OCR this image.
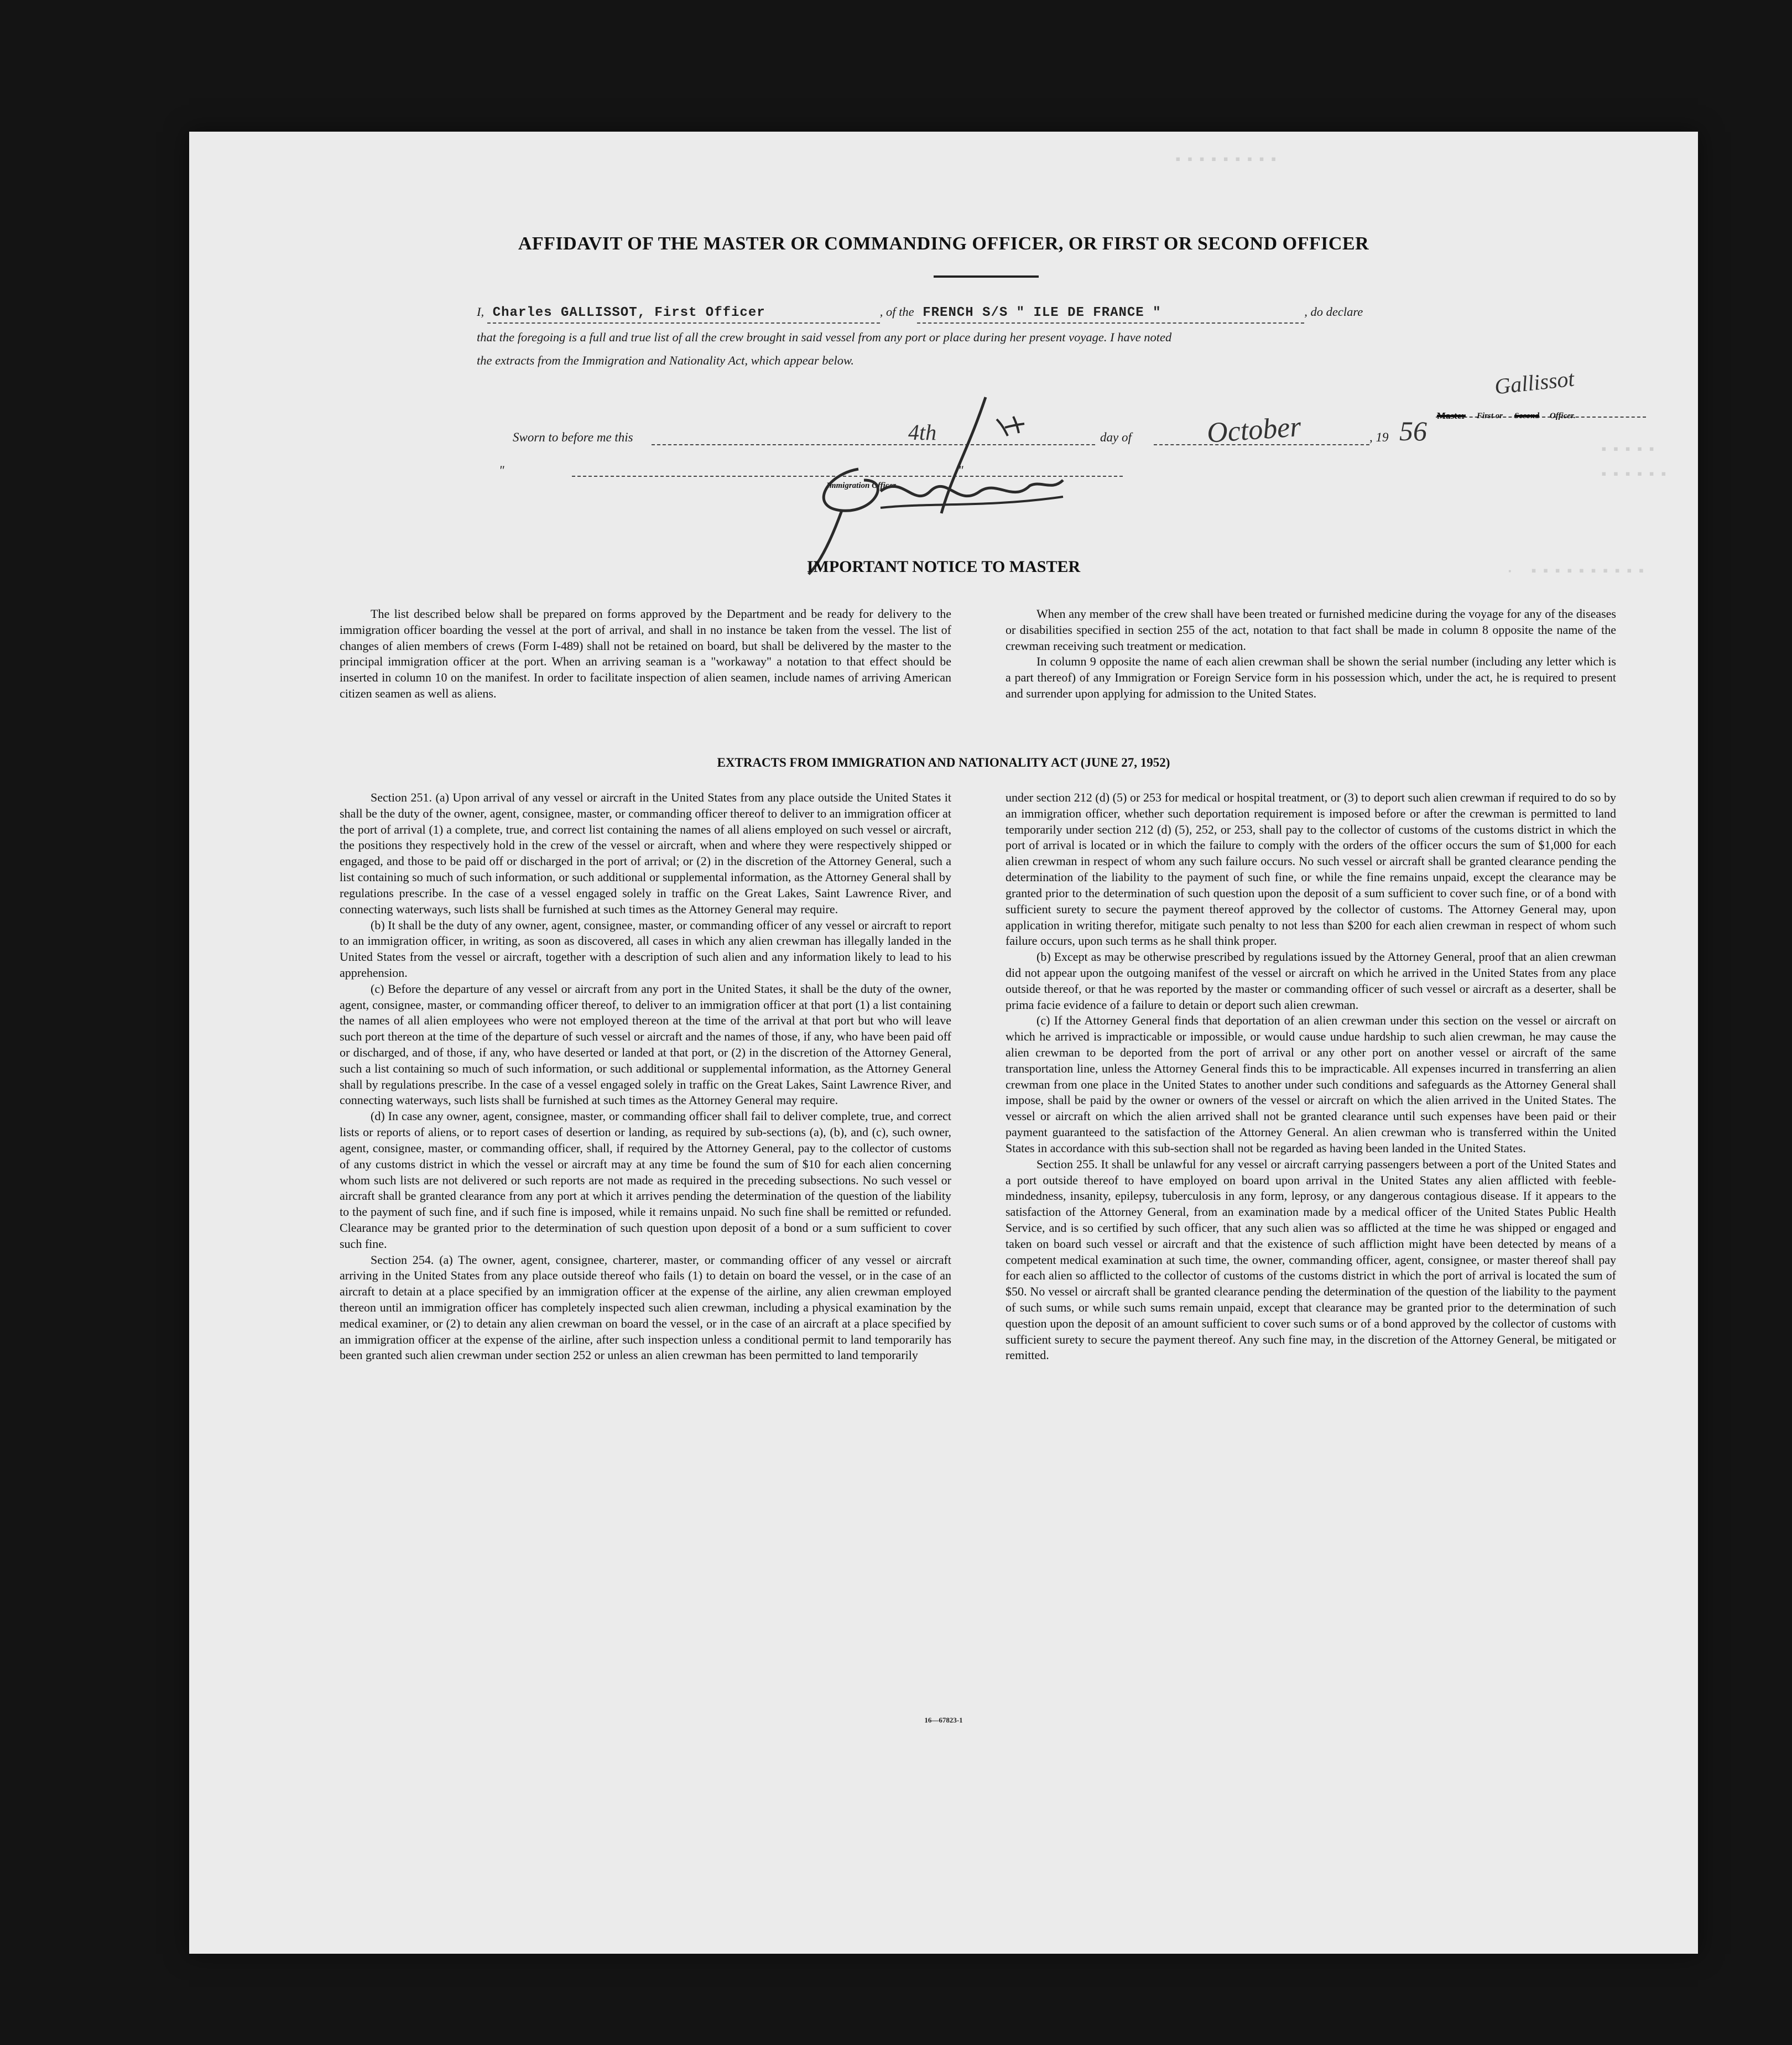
▪▪▪▪▪▪▪▪▪
▪▪▪▪▪
▪▪▪▪▪▪
· ▪▪▪▪▪▪▪▪▪▪
AFFIDAVIT OF THE MASTER OR COMMANDING OFFICER, OR FIRST OR SECOND OFFICER
I, Charles GALLISSOT, First Officer	, of the FRENCH S/S " ILE DE FRANCE "	, do declare
that the foregoing is a full and true list of all the crew brought in said vessel from any port or place during her present voyage. I have noted
the extracts from the Immigration and Nationality Act, which appear below.
Sworn to before me this	4th	day of	October	, 19 56
Gallissot
Master First or Second Officer.
"	"
Immigration Officer.
IMPORTANT NOTICE TO MASTER

The list described below shall be prepared on forms approved by the Department and be ready for delivery to the immigration officer boarding the vessel at the port of arrival, and shall in no instance be taken from the vessel. The list of changes of alien members of crews (Form I-489) shall not be retained on board, but shall be delivered by the master to the principal immigration officer at the port. When an arriving seaman is a "workaway" a notation to that effect should be inserted in column 10 on the manifest. In order to facilitate inspection of alien seamen, include names of arriving American citizen seamen as well as aliens.

When any member of the crew shall have been treated or furnished medicine during the voyage for any of the diseases or disabilities specified in section 255 of the act, notation to that fact shall be made in column 8 opposite the name of the crewman receiving such treatment or medication.

In column 9 opposite the name of each alien crewman shall be shown the serial number (including any letter which is a part thereof) of any Immigration or Foreign Service form in his possession which, under the act, he is required to present and surrender upon applying for admission to the United States.

EXTRACTS FROM IMMIGRATION AND NATIONALITY ACT (JUNE 27, 1952)

Section 251. (a) Upon arrival of any vessel or aircraft in the United States from any place outside the United States it shall be the duty of the owner, agent, consignee, master, or commanding officer thereof to deliver to an immigration officer at the port of arrival (1) a complete, true, and correct list containing the names of all aliens employed on such vessel or aircraft, the positions they respectively hold in the crew of the vessel or aircraft, when and where they were respectively shipped or engaged, and those to be paid off or discharged in the port of arrival; or (2) in the discretion of the Attorney General, such a list containing so much of such information, or such additional or supplemental information, as the Attorney General shall by regulations prescribe. In the case of a vessel engaged solely in traffic on the Great Lakes, Saint Lawrence River, and connecting waterways, such lists shall be furnished at such times as the Attorney General may require.

(b) It shall be the duty of any owner, agent, consignee, master, or commanding officer of any vessel or aircraft to report to an immigration officer, in writing, as soon as discovered, all cases in which any alien crewman has illegally landed in the United States from the vessel or aircraft, together with a description of such alien and any information likely to lead to his apprehension.

(c) Before the departure of any vessel or aircraft from any port in the United States, it shall be the duty of the owner, agent, consignee, master, or commanding officer thereof, to deliver to an immigration officer at that port (1) a list containing the names of all alien employees who were not employed thereon at the time of the arrival at that port but who will leave such port thereon at the time of the departure of such vessel or aircraft and the names of those, if any, who have been paid off or discharged, and of those, if any, who have deserted or landed at that port, or (2) in the discretion of the Attorney General, such a list containing so much of such information, or such additional or supplemental information, as the Attorney General shall by regulations prescribe. In the case of a vessel engaged solely in traffic on the Great Lakes, Saint Lawrence River, and connecting waterways, such lists shall be furnished at such times as the Attorney General may require.

(d) In case any owner, agent, consignee, master, or commanding officer shall fail to deliver complete, true, and correct lists or reports of aliens, or to report cases of desertion or landing, as required by sub-sections (a), (b), and (c), such owner, agent, consignee, master, or commanding officer, shall, if required by the Attorney General, pay to the collector of customs of any customs district in which the vessel or aircraft may at any time be found the sum of $10 for each alien concerning whom such lists are not delivered or such reports are not made as required in the preceding subsections. No such vessel or aircraft shall be granted clearance from any port at which it arrives pending the determination of the question of the liability to the payment of such fine, and if such fine is imposed, while it remains unpaid. No such fine shall be remitted or refunded. Clearance may be granted prior to the determination of such question upon deposit of a bond or a sum sufficient to cover such fine.

Section 254. (a) The owner, agent, consignee, charterer, master, or commanding officer of any vessel or aircraft arriving in the United States from any place outside thereof who fails (1) to detain on board the vessel, or in the case of an aircraft to detain at a place specified by an immigration officer at the expense of the airline, any alien crewman employed thereon until an immigration officer has completely inspected such alien crewman, including a physical examination by the medical examiner, or (2) to detain any alien crewman on board the vessel, or in the case of an aircraft at a place specified by an immigration officer at the expense of the airline, after such inspection unless a conditional permit to land temporarily has been granted such alien crewman under section 252 or unless an alien crewman has been permitted to land temporarily

under section 212 (d) (5) or 253 for medical or hospital treatment, or (3) to deport such alien crewman if required to do so by an immigration officer, whether such deportation requirement is imposed before or after the crewman is permitted to land temporarily under section 212 (d) (5), 252, or 253, shall pay to the collector of customs of the customs district in which the port of arrival is located or in which the failure to comply with the orders of the officer occurs the sum of $1,000 for each alien crewman in respect of whom any such failure occurs. No such vessel or aircraft shall be granted clearance pending the determination of the liability to the payment of such fine, or while the fine remains unpaid, except the clearance may be granted prior to the determination of such question upon the deposit of a sum sufficient to cover such fine, or of a bond with sufficient surety to secure the payment thereof approved by the collector of customs. The Attorney General may, upon application in writing therefor, mitigate such penalty to not less than $200 for each alien crewman in respect of whom such failure occurs, upon such terms as he shall think proper.

(b) Except as may be otherwise prescribed by regulations issued by the Attorney General, proof that an alien crewman did not appear upon the outgoing manifest of the vessel or aircraft on which he arrived in the United States from any place outside thereof, or that he was reported by the master or commanding officer of such vessel or aircraft as a deserter, shall be prima facie evidence of a failure to detain or deport such alien crewman.

(c) If the Attorney General finds that deportation of an alien crewman under this section on the vessel or aircraft on which he arrived is impracticable or impossible, or would cause undue hardship to such alien crewman, he may cause the alien crewman to be deported from the port of arrival or any other port on another vessel or aircraft of the same transportation line, unless the Attorney General finds this to be impracticable. All expenses incurred in transferring an alien crewman from one place in the United States to another under such conditions and safeguards as the Attorney General shall impose, shall be paid by the owner or owners of the vessel or aircraft on which the alien arrived in the United States. The vessel or aircraft on which the alien arrived shall not be granted clearance until such expenses have been paid or their payment guaranteed to the satisfaction of the Attorney General. An alien crewman who is transferred within the United States in accordance with this sub-section shall not be regarded as having been landed in the United States.

Section 255. It shall be unlawful for any vessel or aircraft carrying passengers between a port of the United States and a port outside thereof to have employed on board upon arrival in the United States any alien afflicted with feeble-mindedness, insanity, epilepsy, tuberculosis in any form, leprosy, or any dangerous contagious disease. If it appears to the satisfaction of the Attorney General, from an examination made by a medical officer of the United States Public Health Service, and is so certified by such officer, that any such alien was so afflicted at the time he was shipped or engaged and taken on board such vessel or aircraft and that the existence of such affliction might have been detected by means of a competent medical examination at such time, the owner, commanding officer, agent, consignee, or master thereof shall pay for each alien so afflicted to the collector of customs of the customs district in which the port of arrival is located the sum of $50. No vessel or aircraft shall be granted clearance pending the determination of the question of the liability to the payment of such sums, or while such sums remain unpaid, except that clearance may be granted prior to the determination of such question upon the deposit of an amount sufficient to cover such sums or of a bond approved by the collector of customs with sufficient surety to secure the payment thereof. Any such fine may, in the discretion of the Attorney General, be mitigated or remitted.

16—67823-1
